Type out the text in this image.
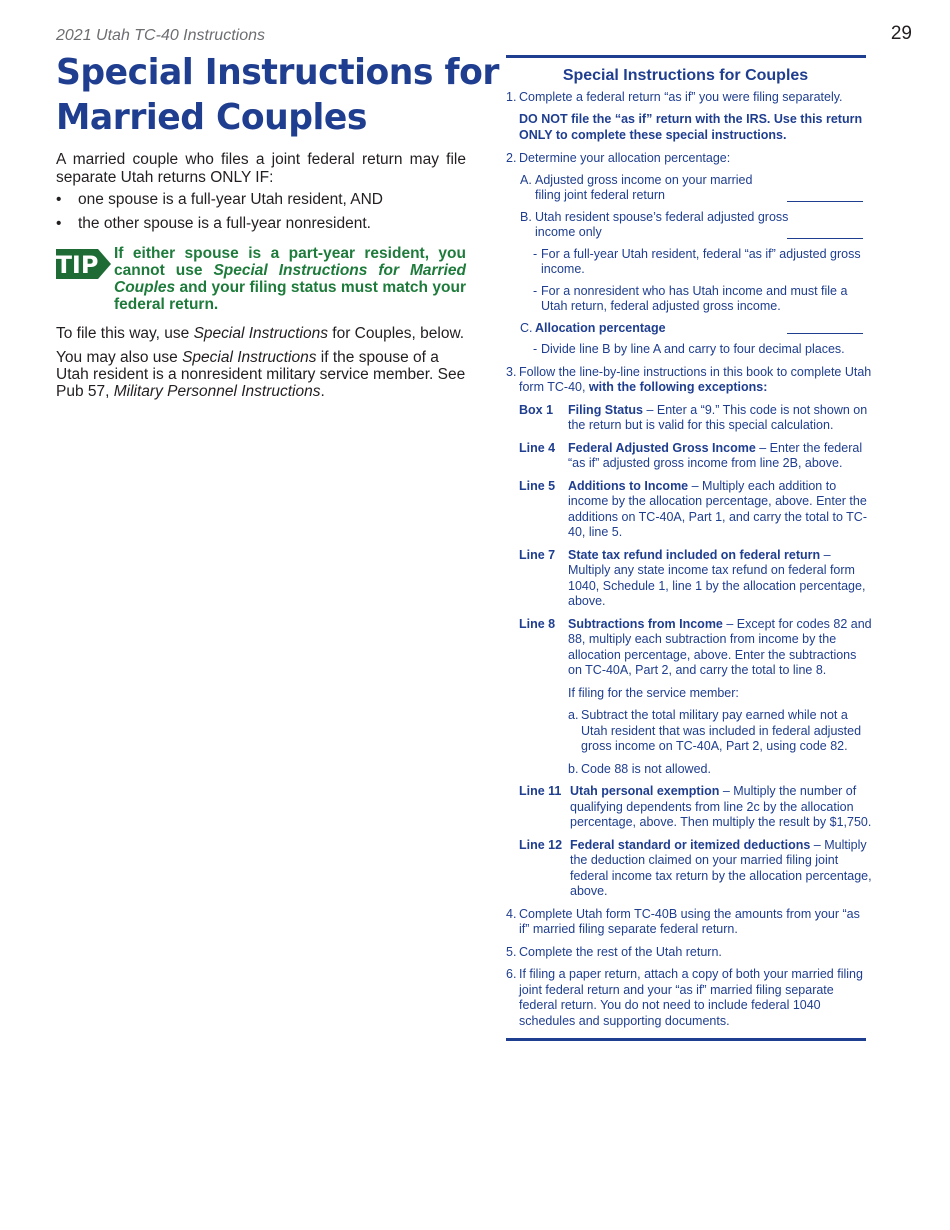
2021 Utah TC-40 Instructions	29
Special Instructions for
Married Couples

A married couple who files a joint federal return may file separate Utah returns ONLY IF:

• one spouse is a full-year Utah resident, AND
• the other spouse is a full-year nonresident.
TIP If either spouse is a part-year resident, you cannot use Special Instructions for Married Couples and your filing status must match your federal return.

To file this way, use Special Instructions for Couples, below.

You may also use Special Instructions if the spouse of a Utah resident is a nonresident military service member. See Pub 57, Military Personnel Instructions.

Special Instructions for Couples
1. Complete a federal return “as if” you were filing separately.
DO NOT file the “as if” return with the IRS. Use this return ONLY to complete these special instructions.
2. Determine your allocation percentage:
A. Adjusted gross income on your married filing joint federal return
B. Utah resident spouse’s federal adjusted gross income only
- For a full-year Utah resident, federal “as if” adjusted gross income.
- For a nonresident who has Utah income and must file a Utah return, federal adjusted gross income.
C. Allocation percentage
- Divide line B by line A and carry to four decimal places.
3. Follow the line-by-line instructions in this book to complete Utah form TC-40, with the following exceptions:
Box 1 Filing Status – Enter a “9.” This code is not shown on the return but is valid for this special calculation.
Line 4 Federal Adjusted Gross Income – Enter the federal “as if” adjusted gross income from line 2B, above.
Line 5 Additions to Income – Multiply each addition to income by the allocation percentage, above. Enter the additions on TC-40A, Part 1, and carry the total to TC-40, line 5.
Line 7 State tax refund included on federal return – Multiply any state income tax refund on federal form 1040, Schedule 1, line 1 by the allocation percentage, above.
Line 8 Subtractions from Income – Except for codes 82 and 88, multiply each subtraction from income by the allocation percentage, above. Enter the subtractions on TC-40A, Part 2, and carry the total to line 8.
If filing for the service member:
a. Subtract the total military pay earned while not a Utah resident that was included in federal adjusted gross income on TC-40A, Part 2, using code 82.
b. Code 88 is not allowed.
Line 11 Utah personal exemption – Multiply the number of qualifying dependents from line 2c by the allocation percentage, above. Then multiply the result by $1,750.
Line 12 Federal standard or itemized deductions – Multiply the deduction claimed on your married filing joint federal income tax return by the allocation percentage, above.
4. Complete Utah form TC-40B using the amounts from your “as if” married filing separate federal return.
5. Complete the rest of the Utah return.
6. If filing a paper return, attach a copy of both your married filing joint federal return and your “as if” married filing separate federal return. You do not need to include federal 1040 schedules and supporting documents.
